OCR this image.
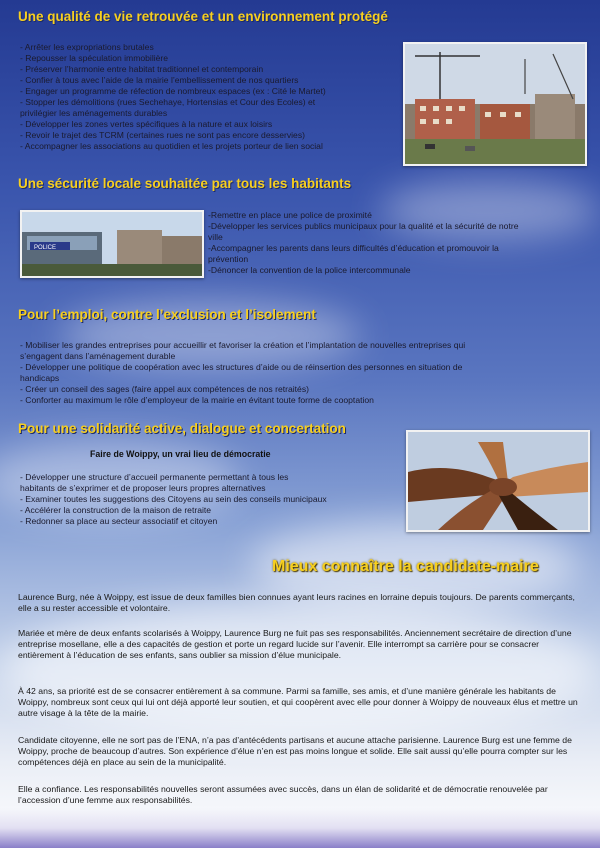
Une qualité de vie retrouvée et un environnement protégé
- Arrêter les expropriations brutales
- Repousser la spéculation immobilière
- Préserver l’harmonie entre habitat traditionnel et contemporain
- Confier à tous avec l’aide de la mairie l’embellissement de nos quartiers
- Engager un programme de réfection de nombreux espaces (ex : Cité le Martet)
- Stopper les démolitions (rues Sechehaye, Hortensias et Cour des Ecoles) et
privilégier les aménagements durables
- Développer les zones vertes spécifiques à la nature et aux loisirs
- Revoir le trajet des TCRM (certaines rues ne sont pas encore desservies)
- Accompagner les associations au quotidien et les projets porteur de lien social
Une sécurité locale souhaitée par tous les habitants
POLICE
-Remettre en place une police de proximité
-Développer les services publics municipaux pour la qualité et la sécurité de notre
ville
-Accompagner les parents dans leurs difficultés d’éducation et promouvoir la
prévention
-Dénoncer la convention de la police intercommunale
Pour l’emploi, contre l’exclusion et l’isolement
- Mobiliser les grandes entreprises pour accueillir et favoriser la création et l’implantation de nouvelles entreprises qui
s’engagent dans l’aménagement durable
- Développer une politique de coopération avec les structures d’aide ou de réinsertion des personnes en situation de
handicaps
- Créer un conseil des sages (faire appel aux compétences de nos retraités)
- Conforter au maximum le rôle d’employeur de la mairie en évitant toute forme de cooptation
Pour une solidarité active, dialogue et concertation
Faire de Woippy, un vrai lieu de démocratie
- Développer une structure d’accueil permanente permettant à tous les
habitants de s’exprimer et de proposer leurs propres alternatives
- Examiner toutes les suggestions des Citoyens au sein des conseils municipaux
- Accélérer la construction de la maison de retraite
- Redonner sa place au secteur associatif et citoyen
Mieux connaître la candidate-maire

Laurence Burg, née à Woippy, est issue de deux familles bien connues ayant leurs racines en lorraine depuis toujours. De parents commerçants, elle a su rester accessible et volontaire.

Mariée et mère de deux enfants scolarisés à Woippy, Laurence Burg ne fuit pas ses responsabilités. Anciennement secrétaire de direction d’une entreprise mosellane, elle a des capacités de gestion et porte un regard lucide sur l’avenir. Elle interrompt sa carrière pour se consacrer entièrement à l’éducation de ses enfants, sans oublier sa mission d’élue municipale.

À 42 ans, sa priorité est de se consacrer entièrement à sa commune. Parmi sa famille, ses amis, et d’une manière générale les habitants de Woippy, nombreux sont ceux qui lui ont déjà apporté leur soutien, et qui coopèrent avec elle pour donner à Woippy de nouveaux élus et mettre un autre visage à la tête de la mairie.

Candidate citoyenne, elle ne sort pas de l’ENA, n’a pas d’antécédents partisans et aucune attache parisienne. Laurence Burg est une femme de Woippy, proche de beaucoup d’autres. Son expérience d’élue n’en est pas moins longue et solide. Elle sait aussi qu’elle pourra compter sur les compétences déjà en place au sein de la municipalité.

Elle a confiance. Les responsabilités nouvelles seront assumées avec succès, dans un élan de solidarité et de démocratie renouvelée par l’accession d’une femme aux responsabilités.
